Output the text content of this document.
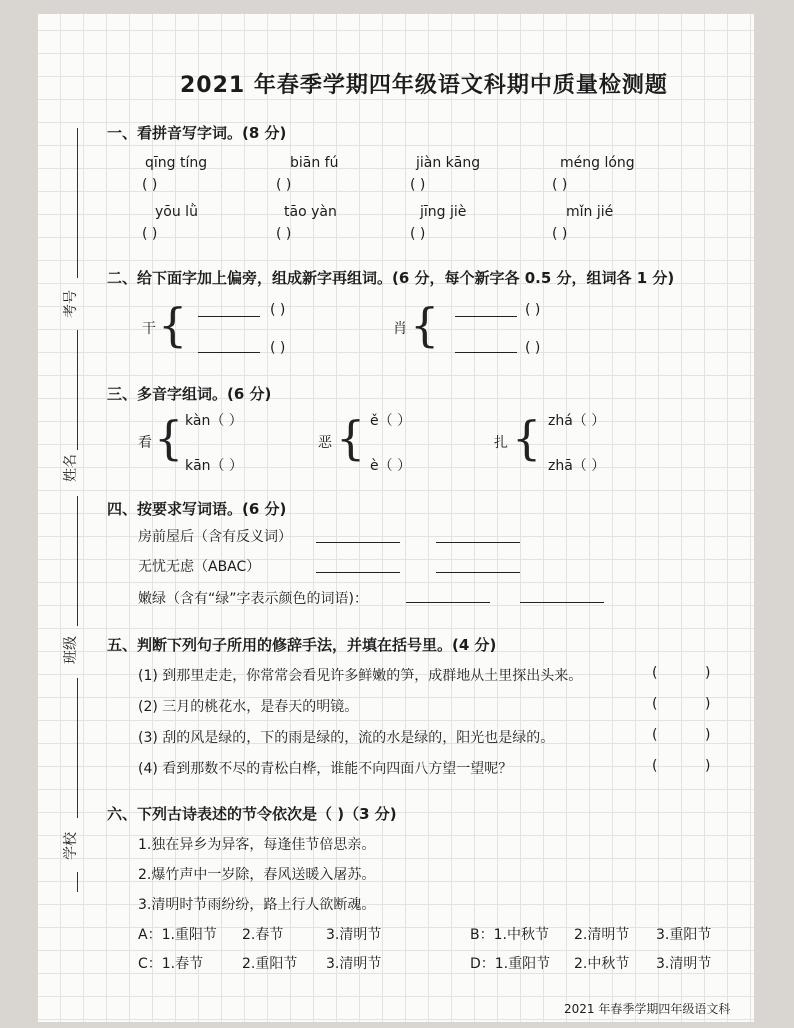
考号
姓名
班级
学校
2021 年春季学期四年级语文科期中质量检测题
一、看拼音写字词。(8 分)
qīng tíng	biān fú	jiàn kāng	méng lóng
( )	( )	( )	( )
yōu lǜ	tāo yàn	jīng jiè	mǐn jié
( )	( )	( )	( )
二、给下面字加上偏旁，组成新字再组词。(6 分，每个新字各 0.5 分，组词各 1 分)
干 {	( )
( )
肖 {	( )
( )
三、多音字组词。(6 分)
看 { kàn（ ）
kān（ ）
恶 { ě（ ）
è（ ）
扎 { zhá（ ）
zhā（ ）
四、按要求写词语。(6 分)
房前屋后（含有反义词）
无忧无虑（ABAC）
嫩绿（含有“绿”字表示颜色的词语)：
五、判断下列句子所用的修辞手法，并填在括号里。(4 分)
(1) 到那里走走，你常常会看见许多鲜嫩的笋，成群地从土里探出头来。	(	)
(2) 三月的桃花水，是春天的明镜。	(	)
(3) 刮的风是绿的，下的雨是绿的，流的水是绿的，阳光也是绿的。	(	)
(4) 看到那数不尽的青松白桦，谁能不向四面八方望一望呢？	(	)
六、下列古诗表述的节令依次是（ )（3 分)
1.独在异乡为异客，每逢佳节倍思亲。
2.爆竹声中一岁除，春风送暖入屠苏。
3.清明时节雨纷纷，路上行人欲断魂。
A：1.重阳节 2.春节	3.清明节	B：1.中秋节 2.清明节 3.重阳节
C：1.春节	2.重阳节 3.清明节	D：1.重阳节 2.中秋节 3.清明节
2021 年春季学期四年级语文科
